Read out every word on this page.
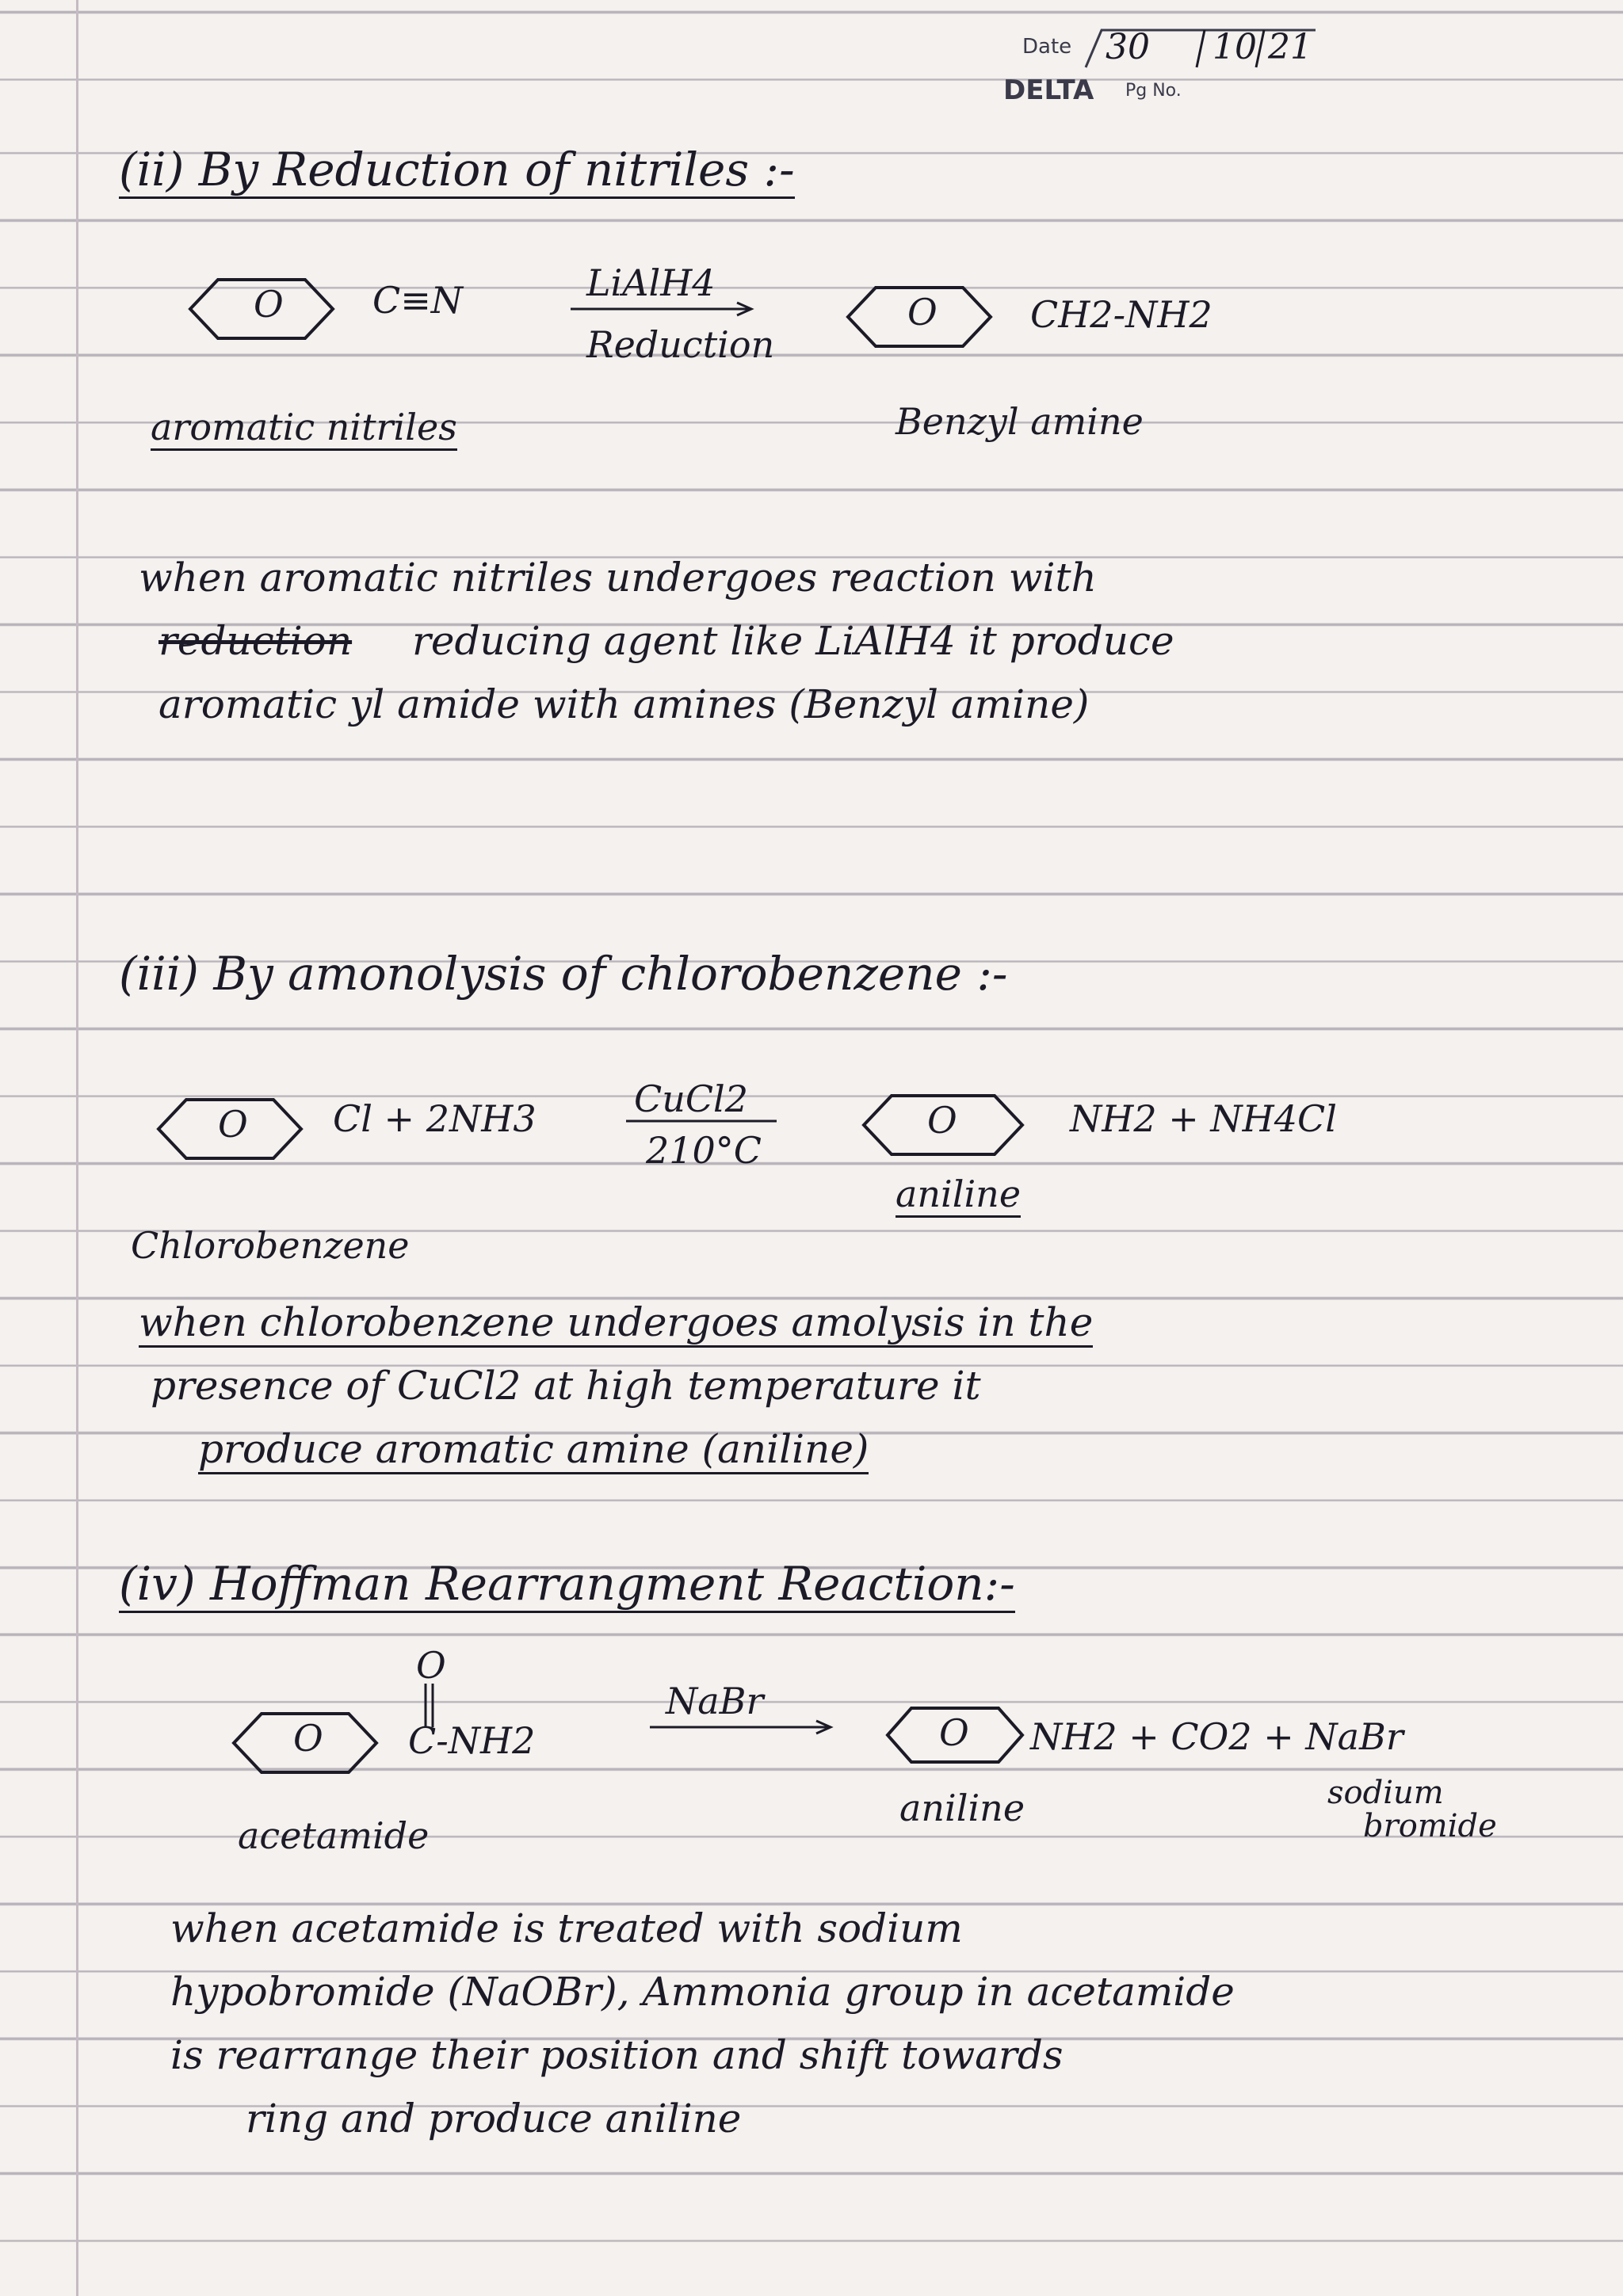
Date 30 10 21
DELTA Pg No.
(ii) By Reduction of nitriles :-
O C≡N	LiAlH4
Reduction
O	CH2-NH2
aromatic nitriles	Benzyl amine
when aromatic nitriles undergoes reaction with
reduction reducing agent like LiAlH4 it produce
aromatic yl amide with amines (Benzyl amine)
(iii) By amonolysis of chlorobenzene :-
O Cl + 2NH3	CuCl2
210°C
O	NH2 + NH4Cl
aniline
Chlorobenzene
when chlorobenzene undergoes amolysis in the
presence of CuCl2 at high temperature it
produce aromatic amine (aniline)
(iv) Hoffman Rearrangment Reaction:-
O
O
C-NH2
NaBr
O NH2 + CO2 + NaBr
aniline	sodium
bromide
acetamide
when acetamide is treated with sodium
hypobromide (NaOBr), Ammonia group in acetamide
is rearrange their position and shift towards
ring and produce aniline
